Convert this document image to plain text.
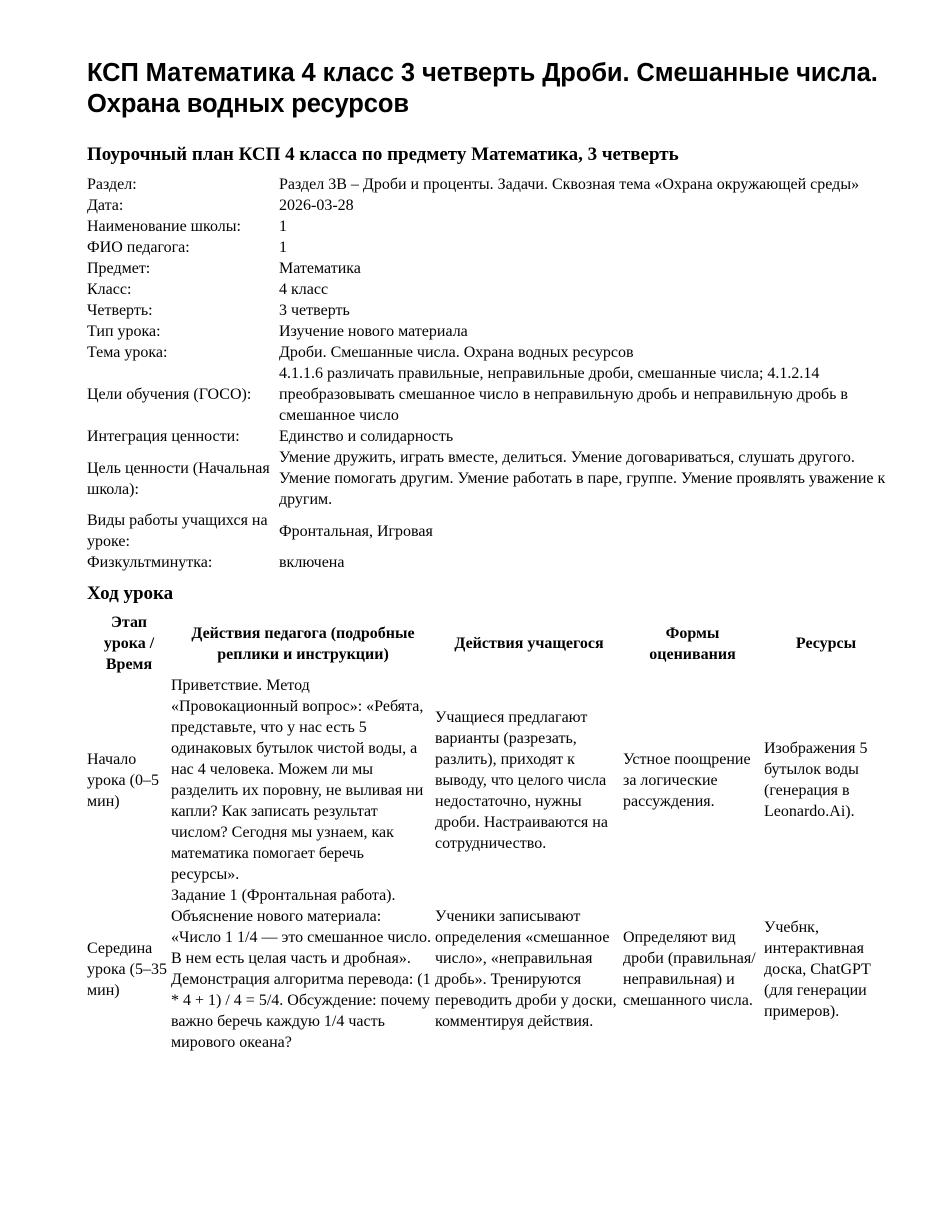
КСП Математика 4 класс 3 четверть Дроби. Смешанные числа. Охрана водных ресурсов
Поурочный план КСП 4 класса по предмету Математика, 3 четверть
Раздел:	Раздел 3В – Дроби и проценты. Задачи. Сквозная тема «Охрана окружающей среды»
Дата:	2026-03-28
Наименование школы:	1
ФИО педагога:	1
Предмет:	Математика
Класс:	4 класс
Четверть:	3 четверть
Тип урока:	Изучение нового материала
Тема урока:	Дроби. Смешанные числа. Охрана водных ресурсов
Цели обучения (ГОСО):	4.1.1.6 различать правильные, неправильные дроби, смешанные числа; 4.1.2.14 преобразовывать смешанное число в неправильную дробь и неправильную дробь в смешанное число
Интеграция ценности:	Единство и солидарность
Цель ценности (Начальная школа):	Умение дружить, играть вместе, делиться. Умение договариваться, слушать другого. Умение помогать другим. Умение работать в паре, группе. Умение проявлять уважение к другим.
Виды работы учащихся на уроке:	Фронтальная, Игровая
Физкультминутка:	включена
Ход урока
Этап урока / Время	Действия педагога (подробные реплики и инструкции)	Действия учащегося	Формы оценивания	Ресурсы
Начало урока (0–5 мин)	Приветствие. Метод «Провокационный вопрос»: «Ребята, представьте, что у нас есть 5 одинаковых бутылок чистой воды, а нас 4 человека. Можем ли мы разделить их поровну, не выливая ни капли? Как записать результат числом? Сегодня мы узнаем, как математика помогает беречь ресурсы».	Учащиеся предлагают варианты (разрезать, разлить), приходят к выводу, что целого числа недостаточно, нужны дроби. Настраиваются на сотрудничество.	Устное поощрение за логические рассуждения.	Изображения 5 бутылок воды (генерация в Leonardo.Ai).
Середина урока (5–35 мин)	Задание 1 (Фронтальная работа). Объяснение нового материала: «Число 1 1/4 — это смешанное число. В нем есть целая часть и дробная». Демонстрация алгоритма перевода: (1 * 4 + 1) / 4 = 5/4. Обсуждение: почему важно беречь каждую 1/4 часть мирового океана?	Ученики записывают определения «смешанное число», «неправильная дробь». Тренируются переводить дроби у доски, комментируя действия.	Определяют вид дроби (правильная/неправильная) и смешанного числа.	Учебнк, интерактивная доска, ChatGPT (для генерации примеров).
